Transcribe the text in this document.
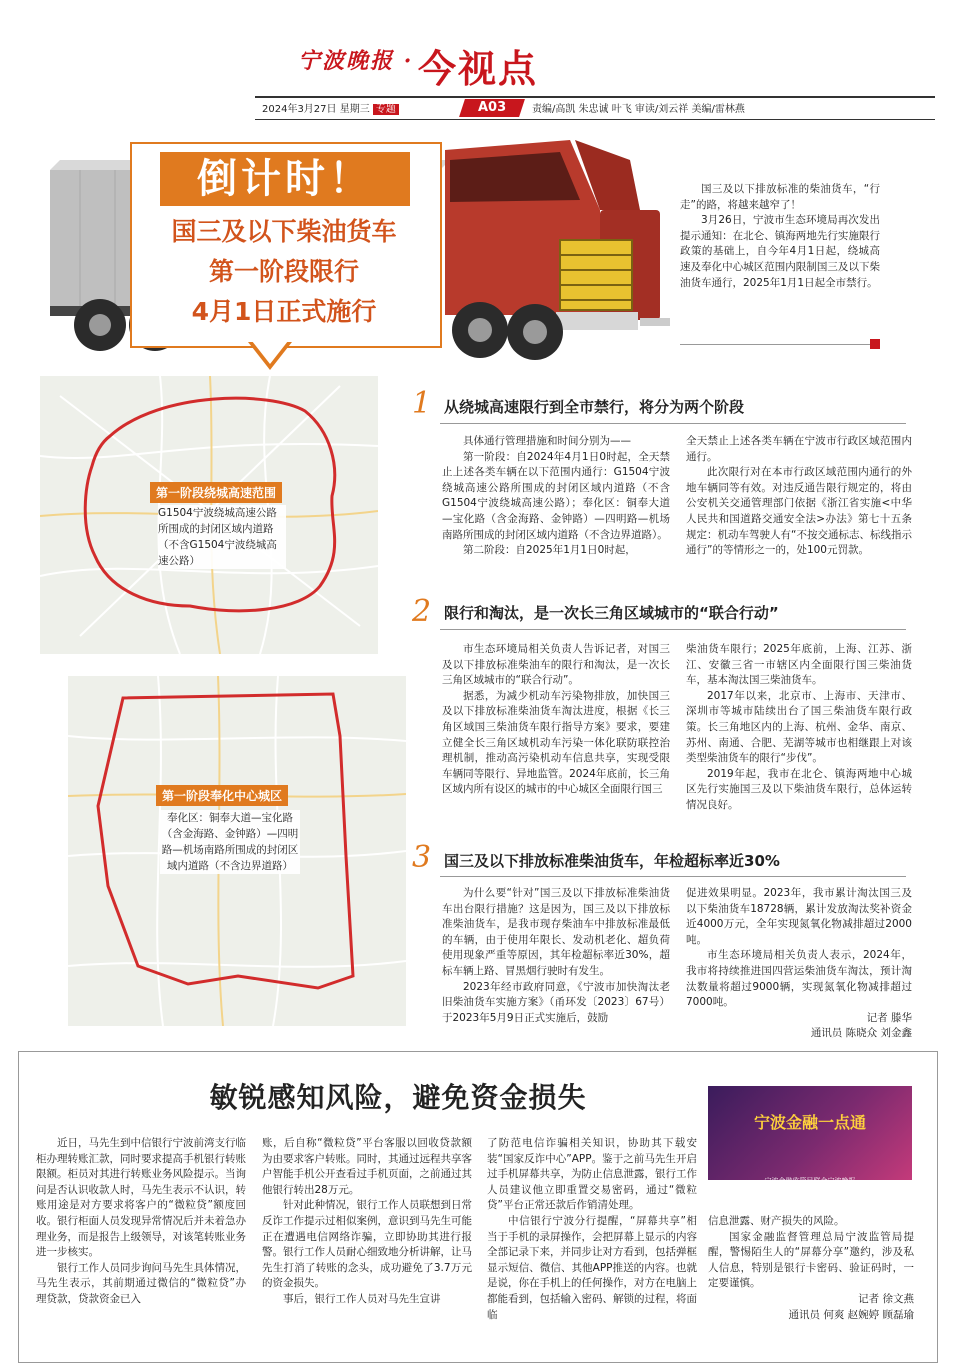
宁波晚报 · 今视点
2024年3月27日 星期三 专题	A03	责编/高凯 朱忠诚 叶飞 审读/刘云祥 美编/雷林燕
倒计时！
国三及以下柴油货车
第一阶段限行
4月1日正式施行

国三及以下排放标准的柴油货车，“行走”的路，将越来越窄了！

3月26日，宁波市生态环境局再次发出提示通知：在北仑、镇海两地先行实施限行政策的基础上，自今年4月1日起，绕城高速及奉化中心城区范围内限制国三及以下柴油货车通行，2025年1月1日起全市禁行。

第一阶段绕城高速范围
G1504宁波绕城高速公路所围成的封闭区域内道路（不含G1504宁波绕城高速公路）
第一阶段奉化中心城区
奉化区：铜奉大道—宝化路（含金海路、金钟路）—四明路—机场南路所围成的封闭区域内道路（不含边界道路）
1 从绕城高速限行到全市禁行，将分为两个阶段

具体通行管理措施和时间分别为——

第一阶段：自2024年4月1日0时起，全天禁止上述各类车辆在以下范围内通行：G1504宁波绕城高速公路所围成的封闭区域内道路（不含G1504宁波绕城高速公路）；奉化区：铜奉大道—宝化路（含金海路、金钟路）—四明路—机场南路所围成的封闭区域内道路（不含边界道路）。

第二阶段：自2025年1月1日0时起，

全天禁止上述各类车辆在宁波市行政区域范围内通行。

此次限行对在本市行政区域范围内通行的外地车辆同等有效。对违反通告限行规定的，将由公安机关交通管理部门依据《浙江省实施<中华人民共和国道路交通安全法>办法》第七十五条规定：机动车驾驶人有“不按交通标志、标线指示通行”的等情形之一的，处100元罚款。

2 限行和淘汰，是一次长三角区域城市的“联合行动”

市生态环境局相关负责人告诉记者，对国三及以下排放标准柴油车的限行和淘汰，是一次长三角区域城市的“联合行动”。

据悉，为减少机动车污染物排放，加快国三及以下排放标准柴油货车淘汰进度，根据《长三角区域国三柴油货车限行指导方案》要求，要建立健全长三角区域机动车污染一体化联防联控治理机制，推动高污染机动车信息共享，实现受限车辆同等限行、异地监管。2024年底前，长三角区域内所有设区的城市的中心城区全面限行国三

柴油货车限行；2025年底前，上海、江苏、浙江、安徽三省一市辖区内全面限行国三柴油货车，基本淘汰国三柴油货车。

2017年以来，北京市、上海市、天津市、深圳市等城市陆续出台了国三柴油货车限行政策。长三角地区内的上海、杭州、金华、南京、苏州、南通、合肥、芜湖等城市也相继跟上对该类型柴油货车的限行“步伐”。

2019年起，我市在北仑、镇海两地中心城区先行实施国三及以下柴油货车限行，总体运转情况良好。

3 国三及以下排放标准柴油货车，年检超标率近30%

为什么要“针对”国三及以下排放标准柴油货车出台限行措施？这是因为，国三及以下排放标准柴油货车，是我市现存柴油车中排放标准最低的车辆，由于使用年限长、发动机老化、超负荷使用现象严重等原因，其年检超标率近30%，超标车辆上路、冒黑烟行驶时有发生。

2023年经市政府同意，《宁波市加快淘汰老旧柴油货车实施方案》（甬环发〔2023〕67号）于2023年5月9日正式实施后，鼓励

促进效果明显。2023年，我市累计淘汰国三及以下柴油货车18728辆，累计发放淘汰奖补资金近4000万元，全年实现氮氧化物减排超过2000吨。

市生态环境局相关负责人表示，2024年，我市将持续推进国四营运柴油货车淘汰，预计淘汰数量将超过9000辆，实现氮氧化物减排超过7000吨。

记者 滕华

通讯员 陈晓众 刘金鑫

敏锐感知风险，避免资金损失
宁波金融一点通
宁波金融监管局联合宁波晚报

近日，马先生到中信银行宁波前湾支行临柜办理转账汇款，同时要求提高手机银行转账限额。柜员对其进行转账业务风险提示。当询问是否认识收款人时，马先生表示不认识，转账用途是对方要求将客户的“微粒贷”额度回收。银行柜面人员发现异常情况后并未着急办理业务，而是报告上级领导，对该笔转账业务进一步核实。

银行工作人员同步询问马先生具体情况，马先生表示，其前期通过微信的“微粒贷”办理贷款，贷款资金已入

账，后自称“微粒贷”平台客服以回收贷款额为由要求客户转账。同时，其通过远程共享客户智能手机公开查看过手机页面，之前通过其他银行转出28万元。

针对此种情况，银行工作人员联想到日常反诈工作提示过相似案例，意识到马先生可能正在遭遇电信网络诈骗，立即协助其进行报警。银行工作人员耐心细致地分析讲解，让马先生打消了转账的念头，成功避免了3.7万元的资金损失。

事后，银行工作人员对马先生宣讲

了防范电信诈骗相关知识，协助其下载安装“国家反诈中心”APP。鉴于之前马先生开启过手机屏幕共享，为防止信息泄露，银行工作人员建议他立即重置交易密码，通过“微粒贷”平台正常还款后作销清处理。

中信银行宁波分行提醒，“屏幕共享”相当于手机的录屏操作，会把屏幕上显示的内容全部记录下来，并同步让对方看到，包括弹框显示短信、微信、其他APP推送的内容。也就是说，你在手机上的任何操作，对方在电脑上都能看到，包括输入密码、解锁的过程，将面临

信息泄露、财产损失的风险。

国家金融监督管理总局宁波监管局提醒，警惕陌生人的“屏幕分享”邀约，涉及私人信息，特别是银行卡密码、验证码时，一定要谨慎。

记者 徐文燕

通讯员 何爽 赵婉婷 顾磊瑜
